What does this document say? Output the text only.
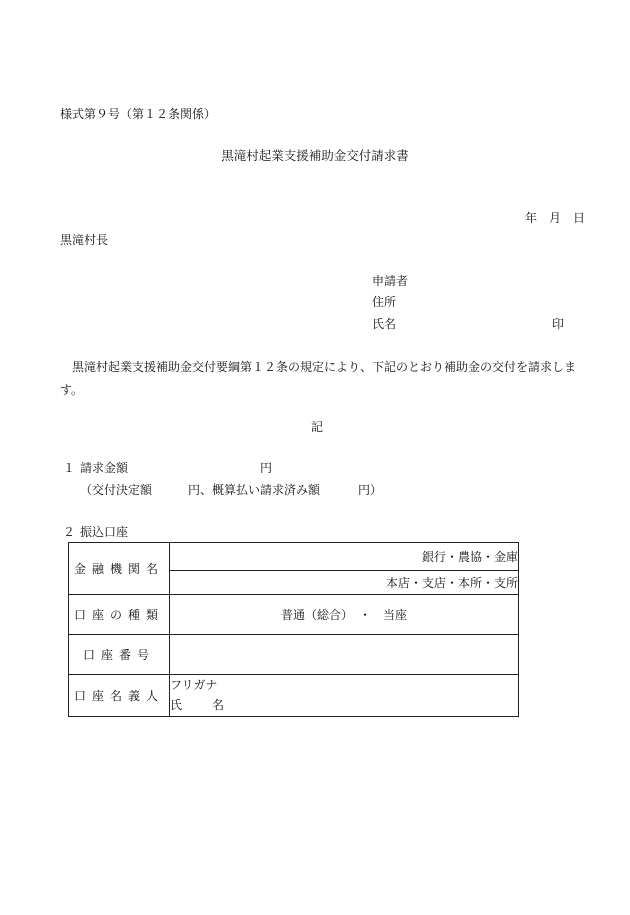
様式第９号（第１２条関係）
黒滝村起業支援補助金交付請求書
年　月　日
黒滝村長
申請者
住所
氏名	印
黒滝村起業支援補助金交付要綱第１２条の規定により、下記のとおり補助金の交付を請求します。
記
１ 請求金額	円
（交付決定額	円、概算払い請求済み額	円）
２ 振込口座
金融機関名	銀行・農協・金庫
	本店・支店・本所・支所
口座の種類	普通（総合）　・　当座
口座番号	
口座名義人	フリガナ
氏 名
